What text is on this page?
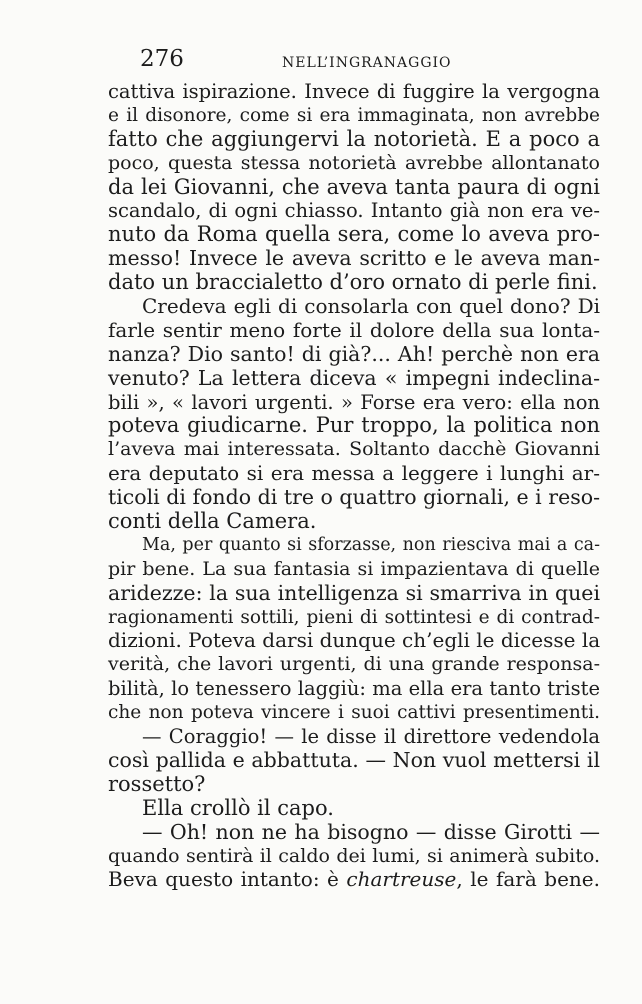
276	NELL’INGRANAGGIO
cattiva ispirazione. Invece di fuggire la vergogna
e il disonore, come si era immaginata, non avrebbe
fatto che aggiungervi la notorietà. E a poco a
poco, questa stessa notorietà avrebbe allontanato
da lei Giovanni, che aveva tanta paura di ogni
scandalo, di ogni chiasso. Intanto già non era ve-
nuto da Roma quella sera, come lo aveva pro-
messo! Invece le aveva scritto e le aveva man-
dato un braccialetto d’oro ornato di perle fini.
Credeva egli di consolarla con quel dono? Di
farle sentir meno forte il dolore della sua lonta-
nanza? Dio santo! di già?... Ah! perchè non era
venuto? La lettera diceva « impegni indeclina-
bili », « lavori urgenti. » Forse era vero: ella non
poteva giudicarne. Pur troppo, la politica non
l’aveva mai interessata. Soltanto dacchè Giovanni
era deputato si era messa a leggere i lunghi ar-
ticoli di fondo di tre o quattro giornali, e i reso-
conti della Camera.
Ma, per quanto si sforzasse, non riesciva mai a ca-
pir bene. La sua fantasia si impazientava di quelle
aridezze: la sua intelligenza si smarriva in quei
ragionamenti sottili, pieni di sottintesi e di contrad-
dizioni. Poteva darsi dunque ch’egli le dicesse la
verità, che lavori urgenti, di una grande responsa-
bilità, lo tenessero laggiù: ma ella era tanto triste
che non poteva vincere i suoi cattivi presentimenti.
— Coraggio! — le disse il direttore vedendola
così pallida e abbattuta. — Non vuol mettersi il
rossetto?
Ella crollò il capo.
— Oh! non ne ha bisogno — disse Girotti —
quando sentirà il caldo dei lumi, si animerà subito.
Beva questo intanto: è chartreuse, le farà bene.
